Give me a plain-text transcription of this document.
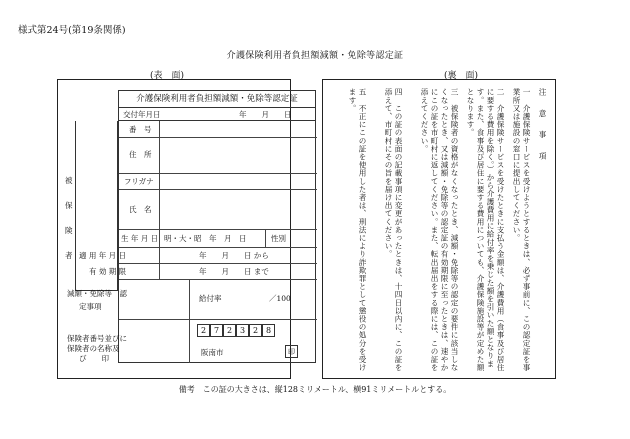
様式第24号(第19条関係)
介護保険利用者負担額減額・免除等認定証
(表　面)	(裏　面)
介護保険利用者負担額減額・免除等認定証
交付年月日	年　　月　　日
被
保
険
者
番　号
住　所
フリガナ
氏　名
生 年 月 日 明・大・昭　年　月　日	性別
適 用 年 月 日	年　　月　　日 から
有 効 期 限	年　　月　　日 まで
減額・免除等　認
定事項
給付率	／100
保険者番号並びに
保険者の名称及
び　　印
2 7 2 3 2 8
阪南市	印
注　意　事　項
一　介護保険サービスを受けようとするときは、必ず事前に、この認定証を事業所又は施設の窓口に提出してください。
二　介護保険サービスを受けたときに支払う金額は、介護費用（食事及び居住に要する費用を除く。）から介護費用に給付率を乗じた額を引いた額となります。また、食事及び居住に要する費用についても、介護保険施設等が定めた額となります。
三　被保険者の資格がなくなったとき、減額・免除等の認定の要件に該当しなくなったとき、又は減額・免除等の認定証の有効期限に至ったときは、速やかにこの証を市町村に返してください。また、転出届出をする際には、この証を添えてください。
四　この証の表面の記載事項に変更があったときは、十四日以内に、この証を添えて、市町村にその旨を届け出てください。
五　不正にこの証を使用した者は、刑法により詐欺罪として懲役の処分を受けます。
備考　この証の大きさは、縦128ミリメートル、横91ミリメートルとする。
